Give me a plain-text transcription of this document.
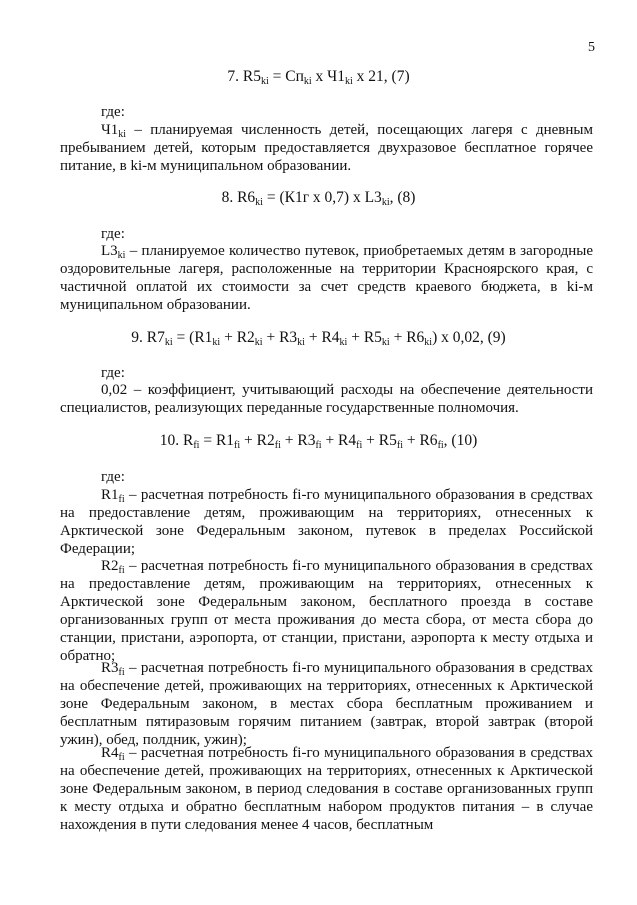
5
7. $R5_{ki} = Сп_{ki}$ х $Ч1_{ki}$ х 21, (7)
где:

$Ч1_{ki}$ – планируемая численность детей, посещающих лагеря с дневным пребыванием детей, которым предоставляется двухразовое бесплатное горячее питание, в ki-м муниципальном образовании.

8. $R6_{ki} = (К1г$ х 0,7) х $L3_{ki}$, (8)
где:

$L3_{ki}$ – планируемое количество путевок, приобретаемых детям в загородные оздоровительные лагеря, расположенные на территории Красноярского края, с частичной оплатой их стоимости за счет средств краевого бюджета, в ki-м муниципальном образовании.

9. $R7_{ki} = (R1_{ki} + R2_{ki} + R3_{ki} + R4_{ki} + R5_{ki} + R6_{ki})$ х 0,02, (9)
где:

0,02 – коэффициент, учитывающий расходы на обеспечение деятельности специалистов, реализующих переданные государственные полномочия.

10. $R_{fi} = R1_{fi} + R2_{fi} + R3_{fi} + R4_{fi} + R5_{fi} + R6_{fi}$, (10)
где:

$R1_{fi}$ – расчетная потребность fi-го муниципального образования в средствах на предоставление детям, проживающим на территориях, отнесенных к Арктической зоне Федеральным законом, путевок в пределах Российской Федерации;

$R2_{fi}$ – расчетная потребность fi-го муниципального образования в средствах на предоставление детям, проживающим на территориях, отнесенных к Арктической зоне Федеральным законом, бесплатного проезда в составе организованных групп от места проживания до места сбора, от места сбора до станции, пристани, аэропорта, от станции, пристани, аэропорта к месту отдыха и обратно;

$R3_{fi}$ – расчетная потребность fi-го муниципального образования в средствах на обеспечение детей, проживающих на территориях, отнесенных к Арктической зоне Федеральным законом, в местах сбора бесплатным проживанием и бесплатным пятиразовым горячим питанием (завтрак, второй завтрак (второй ужин), обед, полдник, ужин);

$R4_{fi}$ – расчетная потребность fi-го муниципального образования в средствах на обеспечение детей, проживающих на территориях, отнесенных к Арктической зоне Федеральным законом, в период следования в составе организованных групп к месту отдыха и обратно бесплатным набором продуктов питания – в случае нахождения в пути следования менее 4 часов, бесплатным
